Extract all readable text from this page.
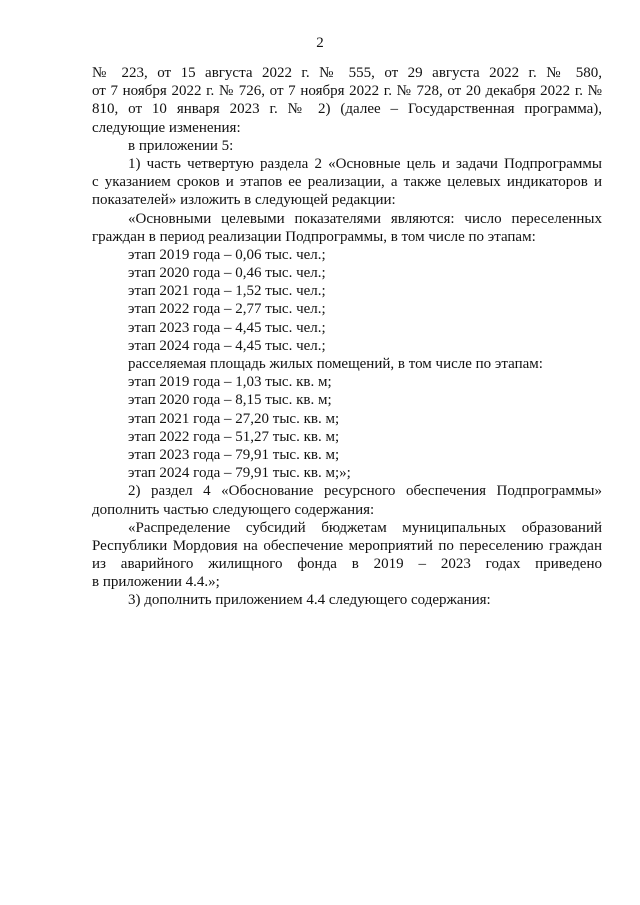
2
№ 223, от 15 августа 2022 г. № 555, от 29 августа 2022 г. № 580,
от 7 ноября 2022 г. № 726, от 7 ноября 2022 г. № 728, от 20 декабря 2022 г. №
810, от 10 января 2023 г. № 2) (далее – Государственная программа),
следующие изменения:
в приложении 5:
1) часть четвертую раздела 2 «Основные цель и задачи Подпрограммы
с указанием сроков и этапов ее реализации, а также целевых индикаторов и
показателей» изложить в следующей редакции:
«Основными целевыми показателями являются: число переселенных
граждан в период реализации Подпрограммы, в том числе по этапам:
этап 2019 года – 0,06 тыс. чел.;
этап 2020 года – 0,46 тыс. чел.;
этап 2021 года – 1,52 тыс. чел.;
этап 2022 года – 2,77 тыс. чел.;
этап 2023 года – 4,45 тыс. чел.;
этап 2024 года – 4,45 тыс. чел.;
расселяемая площадь жилых помещений, в том числе по этапам:
этап 2019 года – 1,03 тыс. кв. м;
этап 2020 года – 8,15 тыс. кв. м;
этап 2021 года – 27,20 тыс. кв. м;
этап 2022 года – 51,27 тыс. кв. м;
этап 2023 года – 79,91 тыс. кв. м;
этап 2024 года – 79,91 тыс. кв. м;»;
2) раздел 4 «Обоснование ресурсного обеспечения Подпрограммы»
дополнить частью следующего содержания:
«Распределение субсидий бюджетам муниципальных образований
Республики Мордовия на обеспечение мероприятий по переселению граждан
из аварийного жилищного фонда в 2019 – 2023 годах приведено
в приложении 4.4.»;
3) дополнить приложением 4.4 следующего содержания:
